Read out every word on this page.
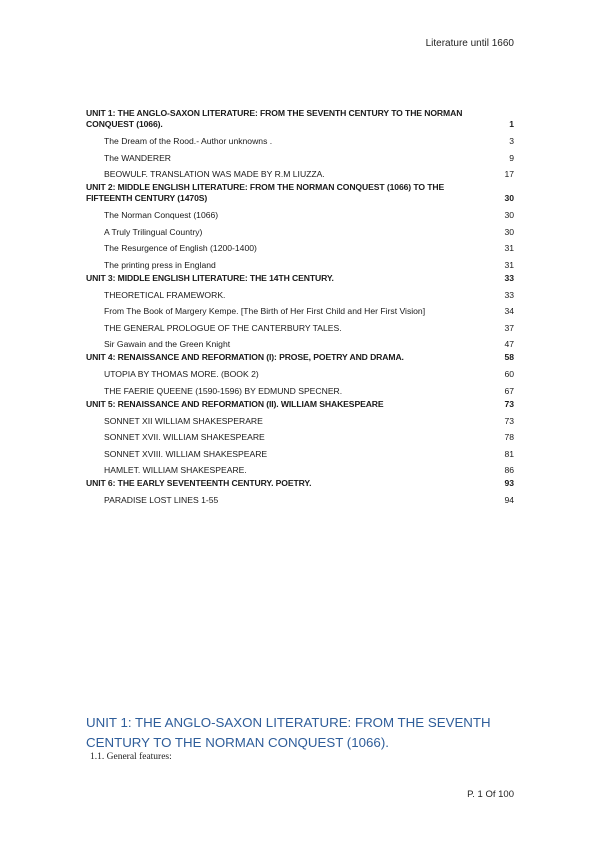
Literature until 1660
UNIT 1: THE ANGLO-SAXON LITERATURE: FROM THE SEVENTH CENTURY TO THE NORMAN CONQUEST (1066).	1
The Dream of the Rood.- Author unknowns .	3
The WANDERER	9
BEOWULF. TRANSLATION WAS MADE BY R.M LIUZZA.	17
UNIT 2: MIDDLE ENGLISH LITERATURE: FROM THE NORMAN CONQUEST (1066) TO THE FIFTEENTH CENTURY (1470S)	30
The Norman Conquest (1066)	30
A Truly Trilingual Country)	30
The Resurgence of English (1200-1400)	31
The printing press in England	31
UNIT 3: MIDDLE ENGLISH LITERATURE: THE 14TH CENTURY.	33
THEORETICAL FRAMEWORK.	33
From The Book of Margery Kempe. [The Birth of Her First Child and Her First Vision]	34
THE GENERAL PROLOGUE OF THE CANTERBURY TALES.	37
Sir Gawain and the Green Knight	47
UNIT 4: RENAISSANCE AND REFORMATION (I): PROSE, POETRY AND DRAMA.	58
UTOPIA BY THOMAS MORE. (BOOK 2)	60
THE FAERIE QUEENE (1590-1596) BY EDMUND SPECNER.	67
UNIT 5: RENAISSANCE AND REFORMATION (II). WILLIAM SHAKESPEARE	73
SONNET XII WILLIAM SHAKESPERARE	73
SONNET XVII. WILLIAM SHAKESPEARE	78
SONNET XVIII. WILLIAM SHAKESPEARE	81
HAMLET. WILLIAM SHAKESPEARE.	86
UNIT 6: THE EARLY SEVENTEENTH CENTURY. POETRY.	93
PARADISE LOST LINES 1-55	94
UNIT 1: THE ANGLO-SAXON LITERATURE: FROM THE SEVENTH CENTURY TO THE NORMAN CONQUEST (1066).
1.1. General features:
P. 1 Of 100
